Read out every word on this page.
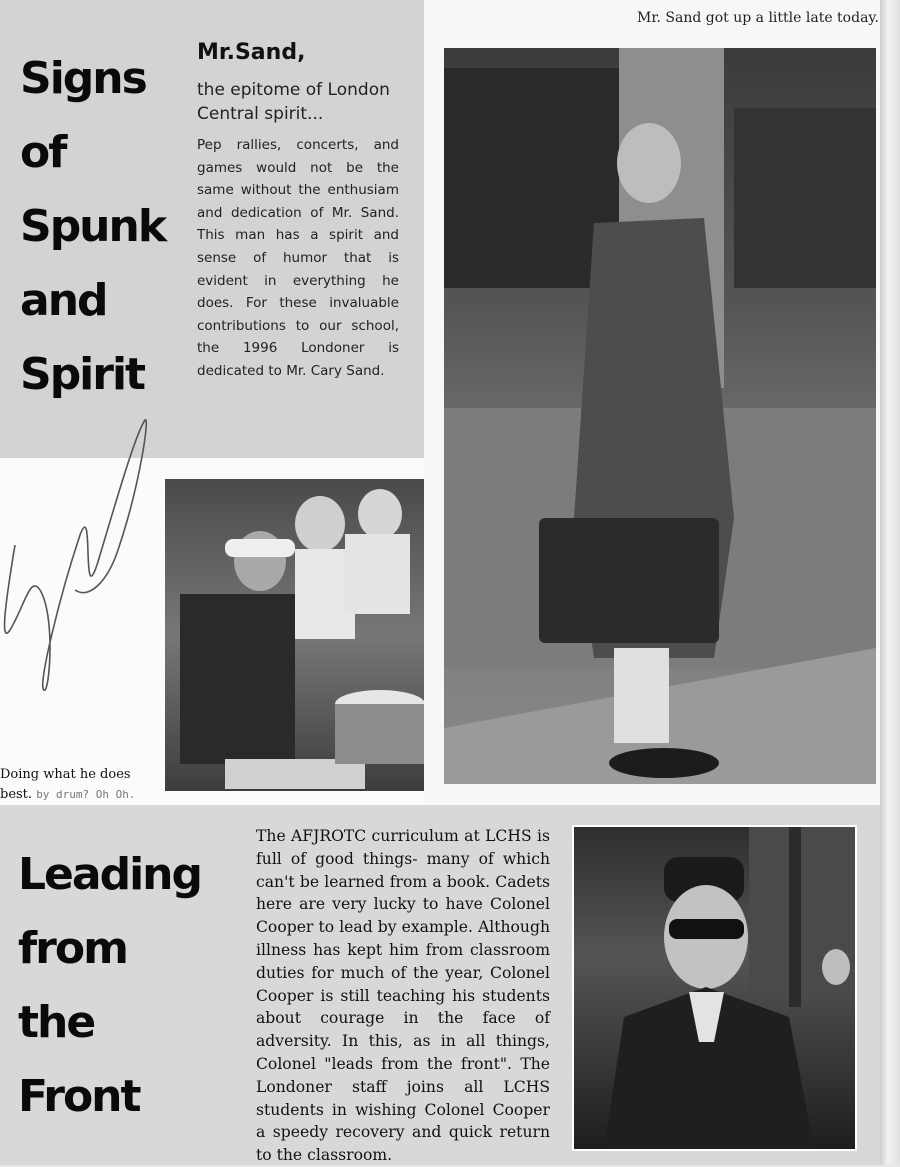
Signs
of
Spunk
and
Spirit
Mr.Sand,
the epitome of London Central spirit...
Pep rallies, concerts, and games would not be the same without the enthusiam and dedication of Mr. Sand. This man has a spirit and sense of humor that is evident in everything he does. For these invaluable contributions to our school, the 1996 Londoner is dedicated to Mr. Cary Sand.
Mr. Sand got up a little late today.
Doing what he does best. by drum? Oh Oh.
Leading
from
the
Front
The AFJROTC curriculum at LCHS is full of good things- many of which can't be learned from a book. Cadets here are very lucky to have Colonel Cooper to lead by example. Although illness has kept him from classroom duties for much of the year, Colonel Cooper is still teaching his students about courage in the face of adversity. In this, as in all things, Colonel "leads from the front". The Londoner staff joins all LCHS students in wishing Colonel Cooper a speedy recovery and quick return to the classroom.
